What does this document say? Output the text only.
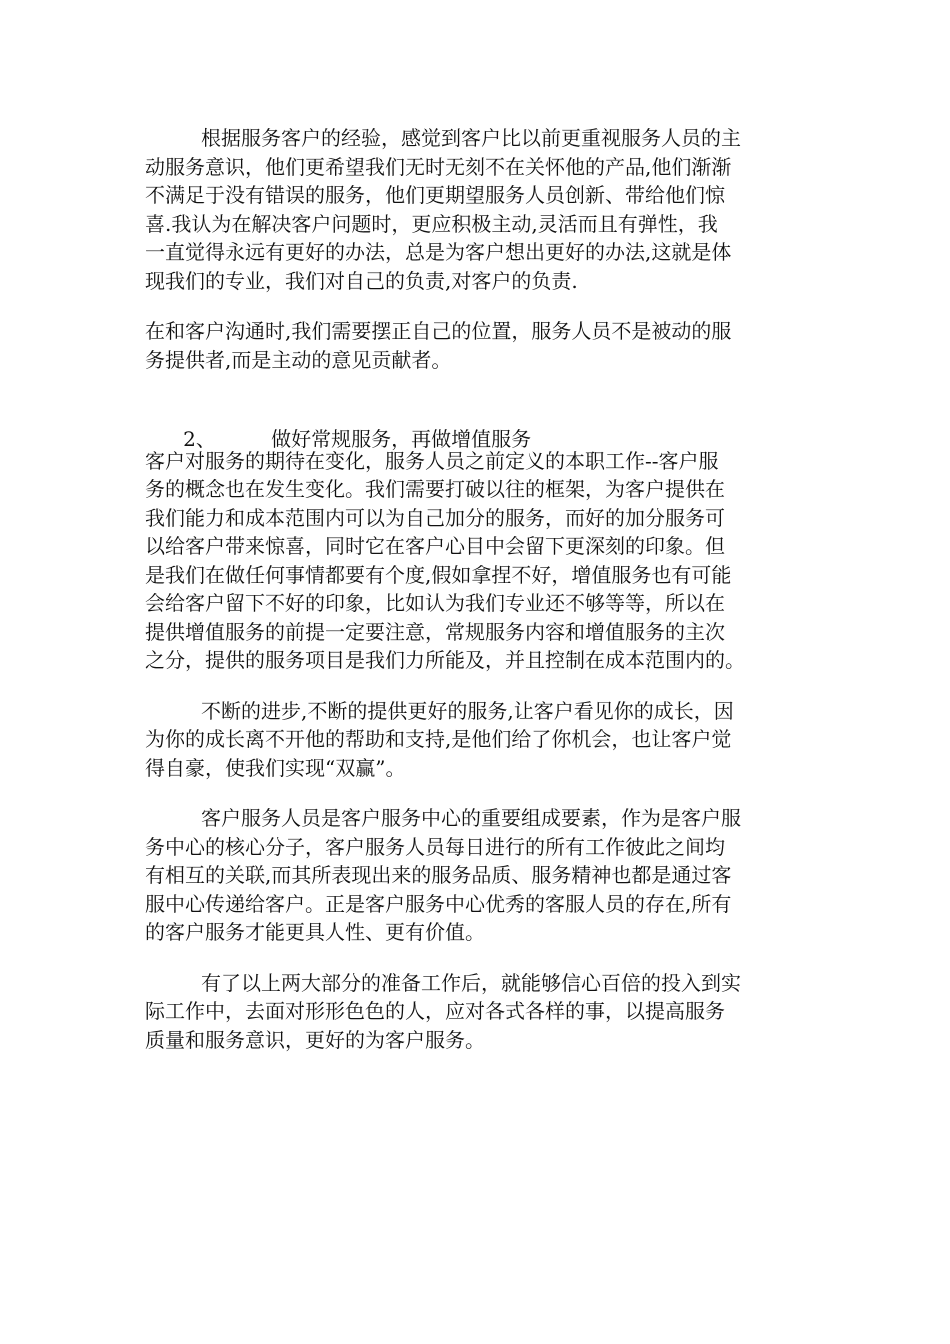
根据服务客户的经验，感觉到客户比以前更重视服务人员的主
动服务意识，他们更希望我们无时无刻不在关怀他的产品,他们渐渐
不满足于没有错误的服务，他们更期望服务人员创新、带给他们惊
喜.我认为在解决客户问题时，更应积极主动,灵活而且有弹性，我
一直觉得永远有更好的办法，总是为客户想出更好的办法,这就是体
现我们的专业，我们对自己的负责,对客户的负责.
在和客户沟通时,我们需要摆正自己的位置，服务人员不是被动的服
务提供者,而是主动的意见贡献者。

2、	做好常规服务，再做增值服务

客户对服务的期待在变化，服务人员之前定义的本职工作--客户服
务的概念也在发生变化。我们需要打破以往的框架，为客户提供在
我们能力和成本范围内可以为自己加分的服务，而好的加分服务可
以给客户带来惊喜，同时它在客户心目中会留下更深刻的印象。但
是我们在做任何事情都要有个度,假如拿捏不好，增值服务也有可能
会给客户留下不好的印象，比如认为我们专业还不够等等，所以在
提供增值服务的前提一定要注意，常规服务内容和增值服务的主次
之分，提供的服务项目是我们力所能及，并且控制在成本范围内的。
不断的进步,不断的提供更好的服务,让客户看见你的成长，因
为你的成长离不开他的帮助和支持,是他们给了你机会，也让客户觉
得自豪，使我们实现“双赢”。
客户服务人员是客户服务中心的重要组成要素，作为是客户服
务中心的核心分子，客户服务人员每日进行的所有工作彼此之间均
有相互的关联,而其所表现出来的服务品质、服务精神也都是通过客
服中心传递给客户。正是客户服务中心优秀的客服人员的存在,所有
的客户服务才能更具人性、更有价值。
有了以上两大部分的准备工作后，就能够信心百倍的投入到实
际工作中，去面对形形色色的人，应对各式各样的事，以提高服务
质量和服务意识，更好的为客户服务。
